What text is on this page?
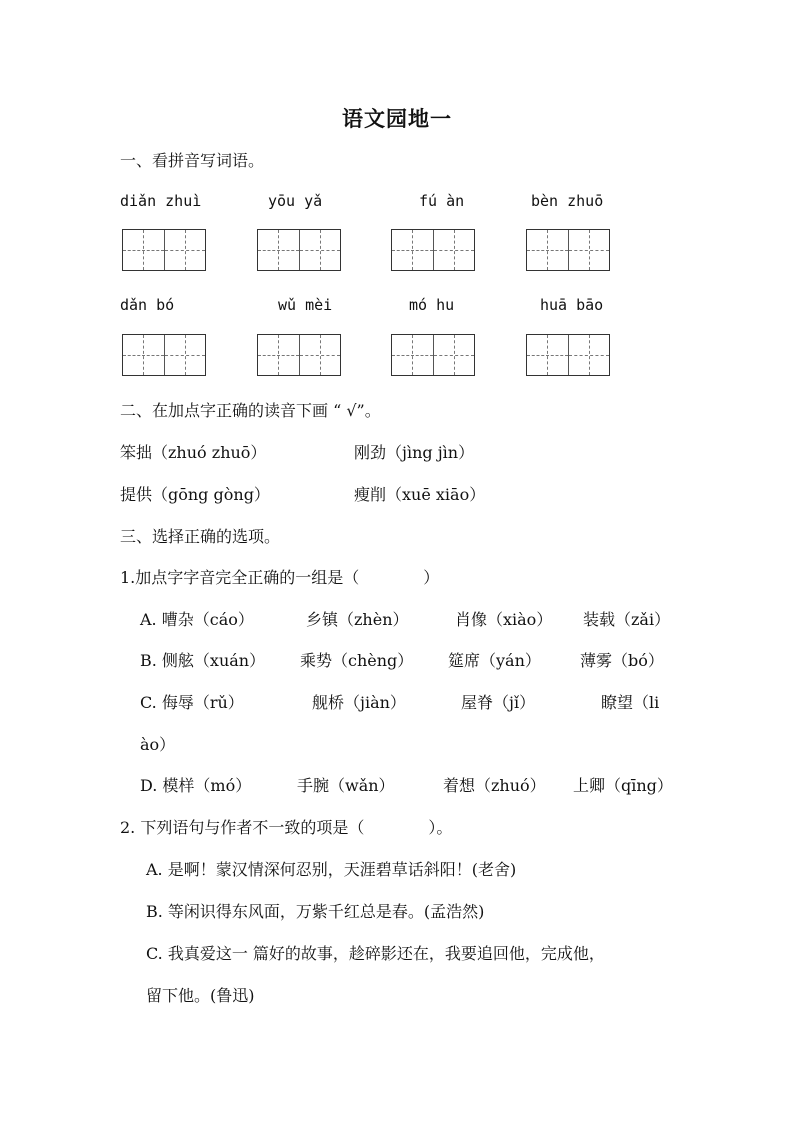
语文园地一
一、看拼音写词语。
diǎn zhuì	yōu yǎ	fú àn	bèn zhuō
dǎn bó	wǔ mèi	mó hu	huā bāo
二、在加点字正确的读音下画 “ √”。
笨拙（zhuó zhuō）	刚劲（jìng jìn）
提供（gōng gòng）	瘦削（xuē xiāo）
三、选择正确的选项。
1.加点字字音完全正确的一组是（　　　　）
A. 嘈杂（cáo）	乡镇（zhèn）	肖像（xiào） 装载（zǎi）
B. 侧舷（xuán） 乘势（chèng） 筵席（yán） 薄雾（bó）
C. 侮辱（rǔ）	舰桥（jiàn）	屋脊（jǐ）	瞭望（li
ào）
D. 模样（mó）	手腕（wǎn）	着想（zhuó） 上卿（qīng）
2. 下列语句与作者不一致的项是（　　　　）。
A. 是啊！蒙汉情深何忍别，天涯碧草话斜阳！(老舍)
B. 等闲识得东风面，万紫千红总是春。(孟浩然)
C. 我真爱这一 篇好的故事，趁碎影还在，我要追回他，完成他，
留下他。(鲁迅)
